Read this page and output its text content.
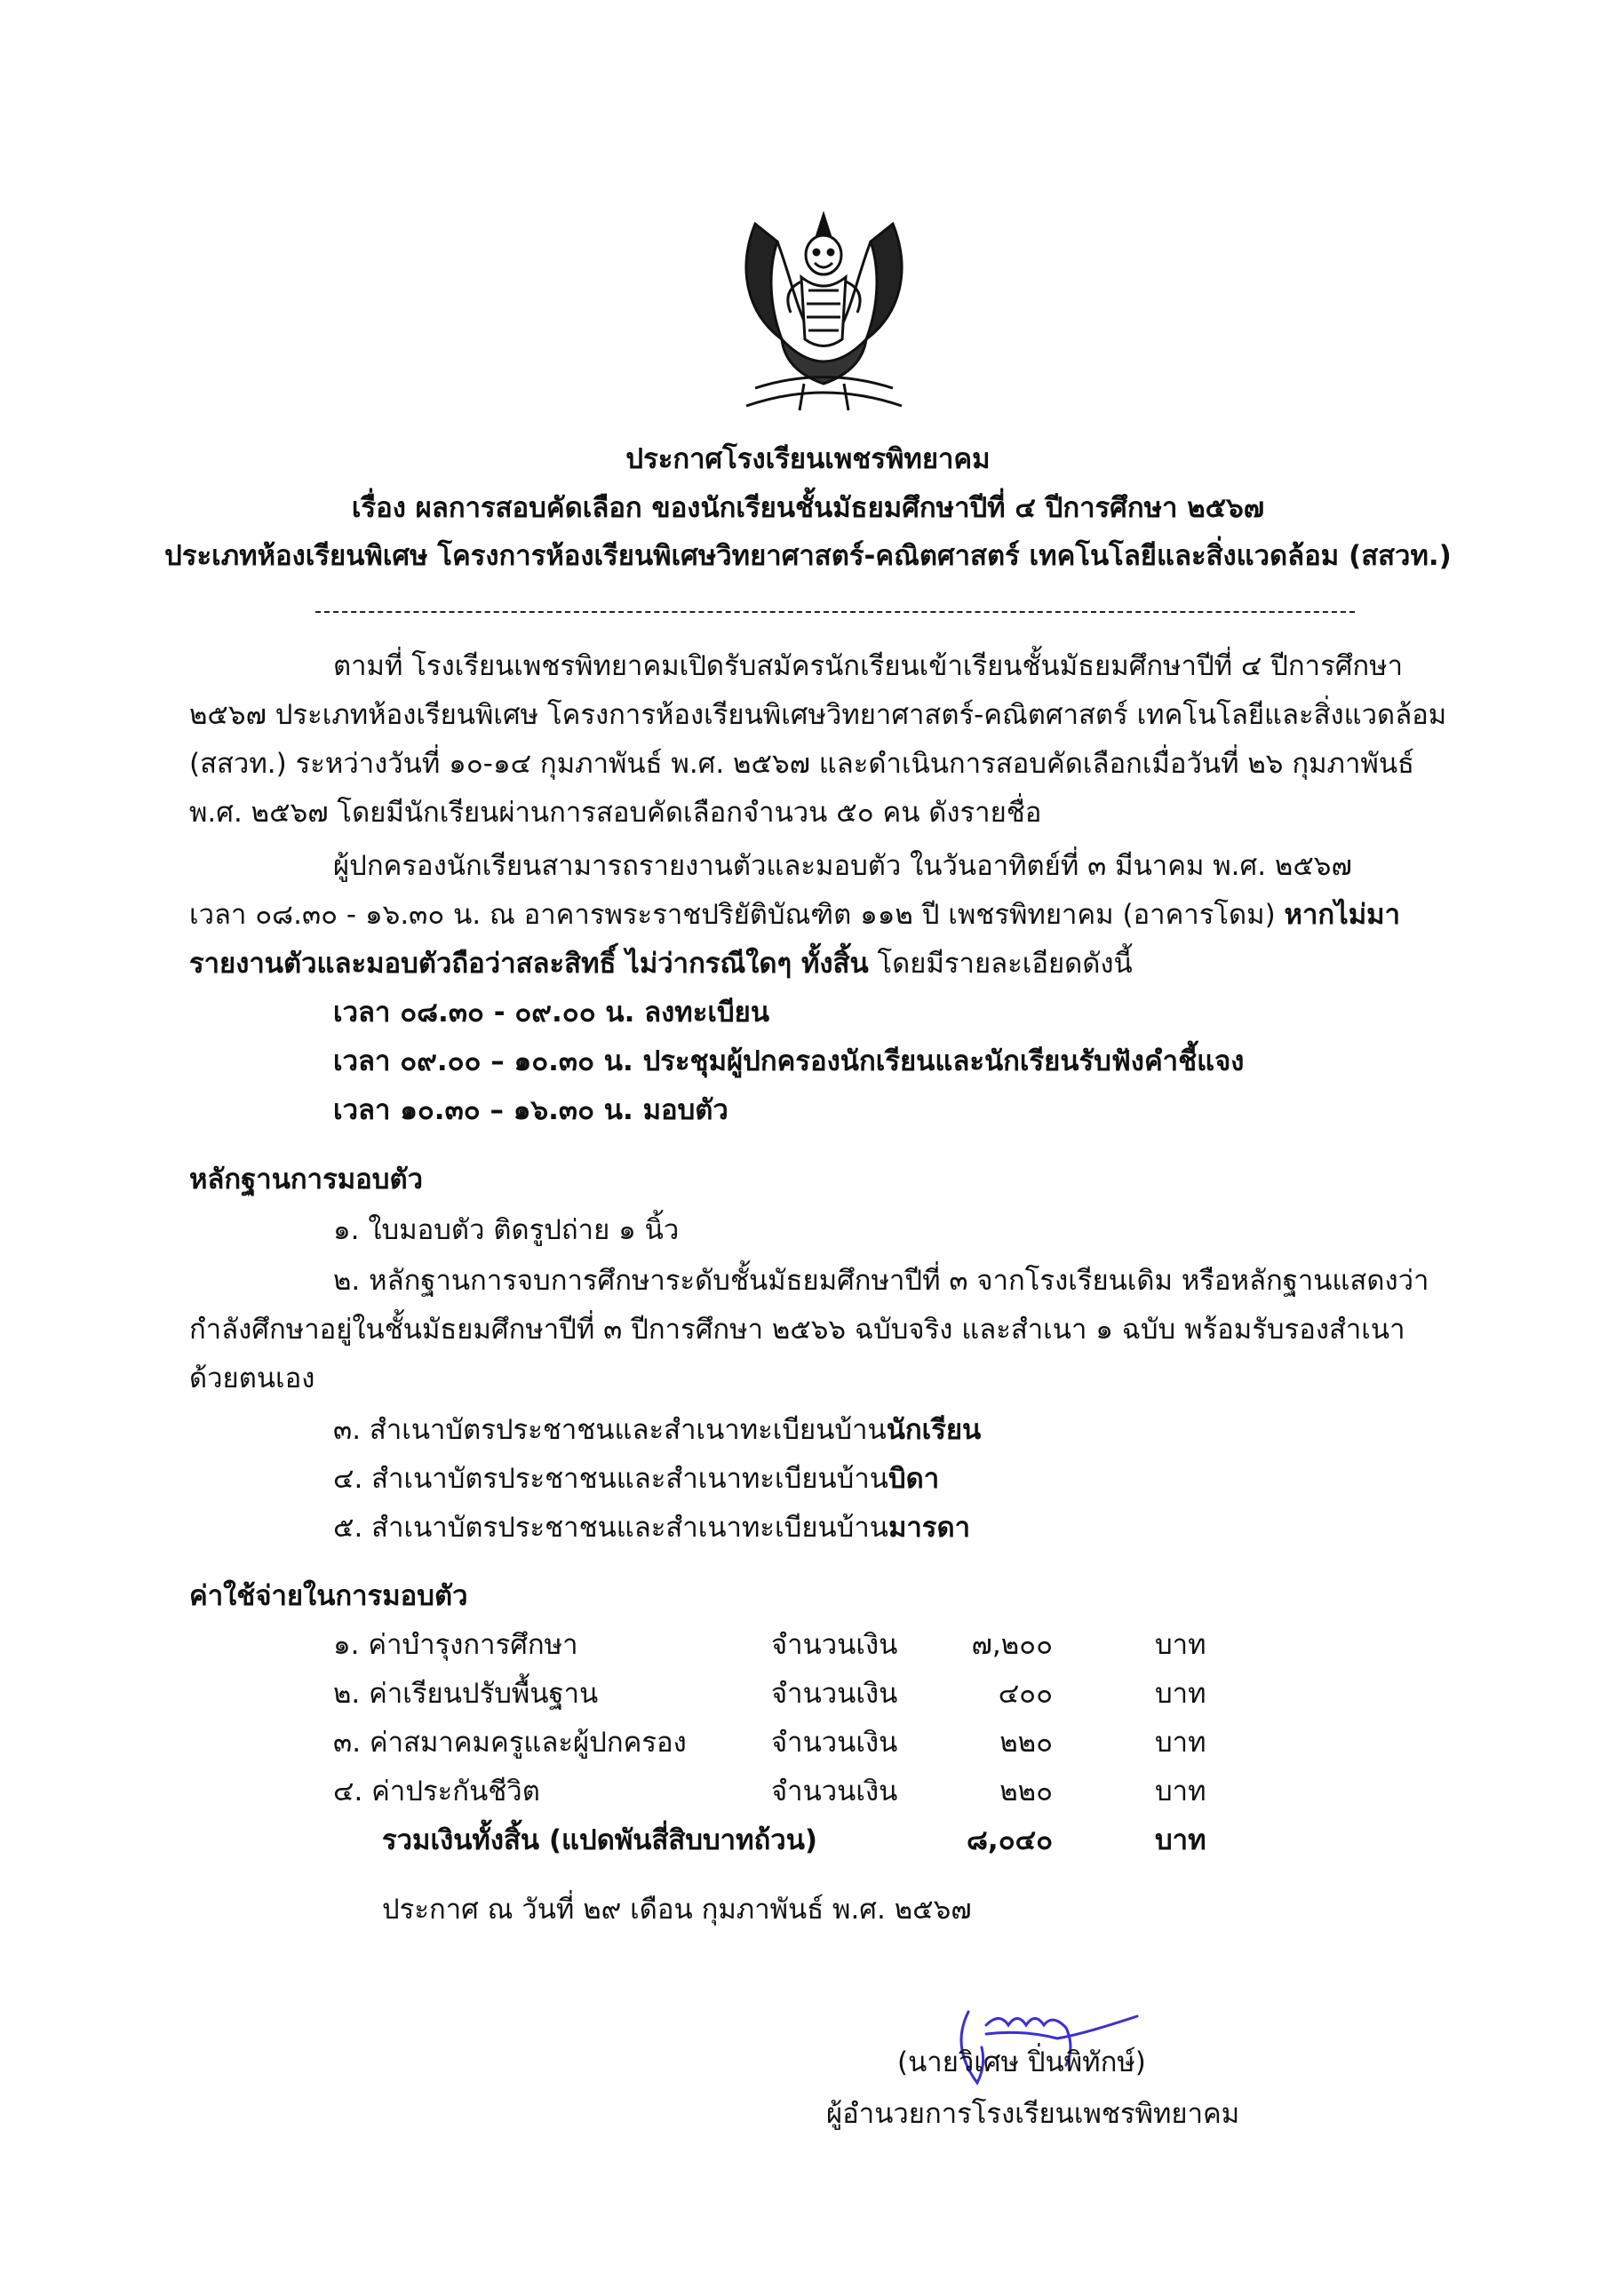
ประกาศโรงเรียนเพชรพิทยาคม
เรื่อง ผลการสอบคัดเลือก ของนักเรียนชั้นมัธยมศึกษาปีที่ ๔ ปีการศึกษา ๒๕๖๗
ประเภทห้องเรียนพิเศษ โครงการห้องเรียนพิเศษวิทยาศาสตร์-คณิตศาสตร์ เทคโนโลยีและสิ่งแวดล้อม (สสวท.)
ตามที่ โรงเรียนเพชรพิทยาคมเปิดรับสมัครนักเรียนเข้าเรียนชั้นมัธยมศึกษาปีที่ ๔ ปีการศึกษา
๒๕๖๗ ประเภทห้องเรียนพิเศษ โครงการห้องเรียนพิเศษวิทยาศาสตร์-คณิตศาสตร์ เทคโนโลยีและสิ่งแวดล้อม
(สสวท.) ระหว่างวันที่ ๑๐-๑๔ กุมภาพันธ์ พ.ศ. ๒๕๖๗ และดำเนินการสอบคัดเลือกเมื่อวันที่ ๒๖ กุมภาพันธ์
พ.ศ. ๒๕๖๗ โดยมีนักเรียนผ่านการสอบคัดเลือกจำนวน ๕๐ คน ดังรายชื่อ
ผู้ปกครองนักเรียนสามารถรายงานตัวและมอบตัว ในวันอาทิตย์ที่ ๓ มีนาคม พ.ศ. ๒๕๖๗
เวลา ๐๘.๓๐ - ๑๖.๓๐ น. ณ อาคารพระราชปริยัติบัณฑิต ๑๑๒ ปี เพชรพิทยาคม (อาคารโดม) หากไม่มา
รายงานตัวและมอบตัวถือว่าสละสิทธิ์ ไม่ว่ากรณีใดๆ ทั้งสิ้น โดยมีรายละเอียดดังนี้
เวลา ๐๘.๓๐ - ๐๙.๐๐ น. ลงทะเบียน
เวลา ๐๙.๐๐ – ๑๐.๓๐ น. ประชุมผู้ปกครองนักเรียนและนักเรียนรับฟังคำชี้แจง
เวลา ๑๐.๓๐ – ๑๖.๓๐ น. มอบตัว
หลักฐานการมอบตัว
๑. ใบมอบตัว ติดรูปถ่าย ๑ นิ้ว
๒. หลักฐานการจบการศึกษาระดับชั้นมัธยมศึกษาปีที่ ๓ จากโรงเรียนเดิม หรือหลักฐานแสดงว่า
กำลังศึกษาอยู่ในชั้นมัธยมศึกษาปีที่ ๓ ปีการศึกษา ๒๕๖๖ ฉบับจริง และสำเนา ๑ ฉบับ พร้อมรับรองสำเนา
ด้วยตนเอง
๓. สำเนาบัตรประชาชนและสำเนาทะเบียนบ้านนักเรียน
๔. สำเนาบัตรประชาชนและสำเนาทะเบียนบ้านบิดา
๕. สำเนาบัตรประชาชนและสำเนาทะเบียนบ้านมารดา
ค่าใช้จ่ายในการมอบตัว
๑. ค่าบำรุงการศึกษา	จำนวนเงิน	๗,๒๐๐	บาท
๒. ค่าเรียนปรับพื้นฐาน	จำนวนเงิน	๔๐๐	บาท
๓. ค่าสมาคมครูและผู้ปกครอง	จำนวนเงิน	๒๒๐	บาท
๔. ค่าประกันชีวิต	จำนวนเงิน	๒๒๐	บาท
รวมเงินทั้งสิ้น (แปดพันสี่สิบบาทถ้วน)	๘,๐๔๐	บาท
ประกาศ ณ วันที่ ๒๙ เดือน กุมภาพันธ์ พ.ศ. ๒๕๖๗
(นายวิเศษ ปิ่นพิทักษ์)
ผู้อำนวยการโรงเรียนเพชรพิทยาคม
